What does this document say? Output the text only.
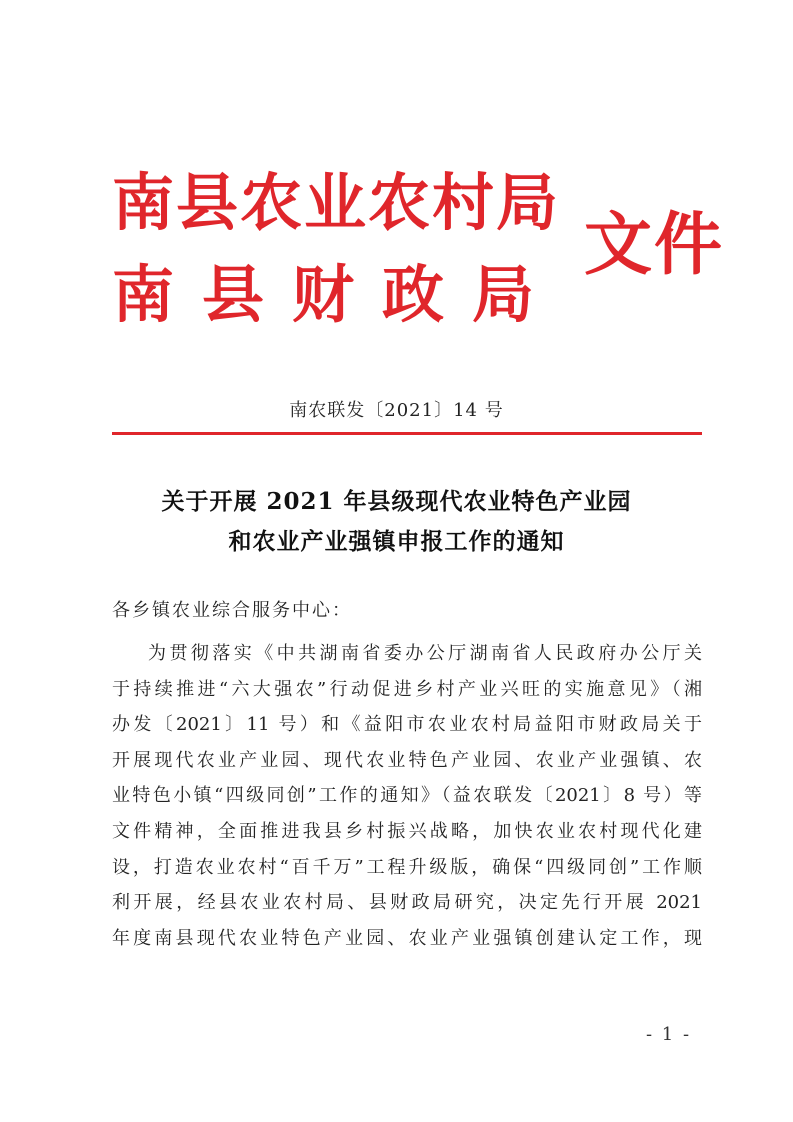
南县农业农村局
南县财政局
文件
南农联发〔2021〕14 号
关于开展 2021 年县级现代农业特色产业园
和农业产业强镇申报工作的通知
各乡镇农业综合服务中心：
为贯彻落实《中共湖南省委办公厅湖南省人民政府办公厅关
于持续推进“六大强农”行动促进乡村产业兴旺的实施意见》（湘
办发〔2021〕11 号）和《益阳市农业农村局益阳市财政局关于
开展现代农业产业园、现代农业特色产业园、农业产业强镇、农
业特色小镇“四级同创”工作的通知》（益农联发〔2021〕8 号）等
文件精神，全面推进我县乡村振兴战略，加快农业农村现代化建
设，打造农业农村“百千万”工程升级版，确保“四级同创”工作顺
利开展，经县农业农村局、县财政局研究，决定先行开展 2021
年度南县现代农业特色产业园、农业产业强镇创建认定工作，现
- 1 -
